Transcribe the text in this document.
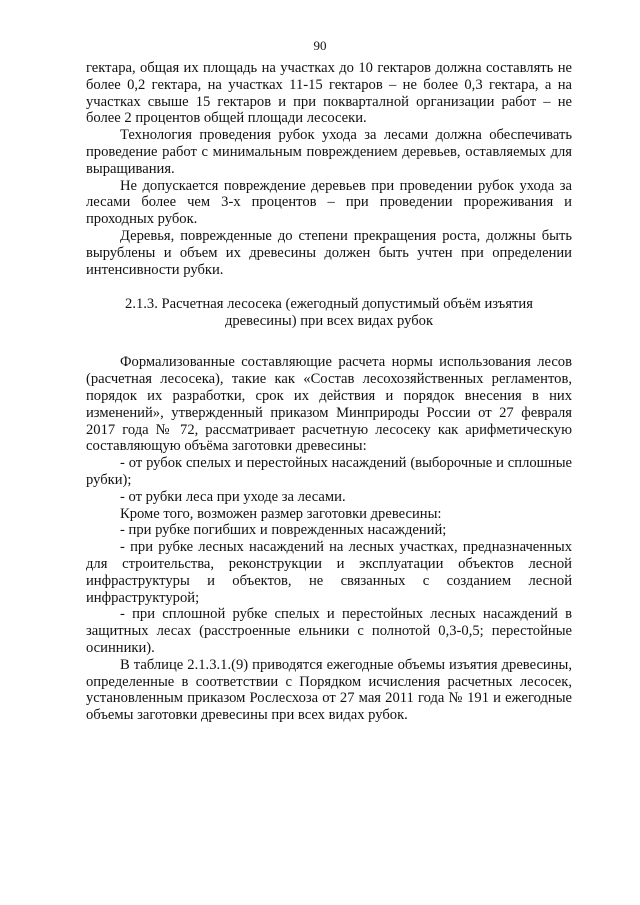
90

гектара, общая их площадь на участках до 10 гектаров должна составлять не более 0,2 гектара, на участках 11-15 гектаров – не более 0,3 гектара, а на участках свыше 15 гектаров и при покварталной организации работ – не более 2 процентов общей площади лесосеки.

Технология проведения рубок ухода за лесами должна обеспечивать проведение работ с минимальным повреждением деревьев, оставляемых для выращивания.

Не допускается повреждение деревьев при проведении рубок ухода за лесами более чем 3-х процентов – при проведении прореживания и проходных рубок.

Деревья, поврежденные до степени прекращения роста, должны быть вырублены и объем их древесины должен быть учтен при определении интенсивности рубки.

2.1.3. Расчетная лесосека (ежегодный допустимый объём изъятия древесины) при всех видах рубок

Формализованные составляющие расчета нормы использования лесов (расчетная лесосека), такие как «Состав лесохозяйственных регламентов, порядок их разработки, срок их действия и порядок внесения в них изменений», утвержденный приказом Минприроды России от 27 февраля 2017 года № 72, рассматривает расчетную лесосеку как арифметическую составляющую объёма заготовки древесины:

- от рубок спелых и перестойных насаждений (выборочные и сплошные рубки);

- от рубки леса при уходе за лесами.

Кроме того, возможен размер заготовки древесины:

- при рубке погибших и поврежденных насаждений;

- при рубке лесных насаждений на лесных участках, предназначенных для строительства, реконструкции и эксплуатации объектов лесной инфраструктуры и объектов, не связанных с созданием лесной инфраструктурой;

- при сплошной рубке спелых и перестойных лесных насаждений в защитных лесах (расстроенные ельники с полнотой 0,3-0,5; перестойные осинники).

В таблице 2.1.3.1.(9) приводятся ежегодные объемы изъятия древесины, определенные в соответствии с Порядком исчисления расчетных лесосек, установленным приказом Рослесхоза от 27 мая 2011 года № 191 и ежегодные объемы заготовки древесины при всех видах рубок.
